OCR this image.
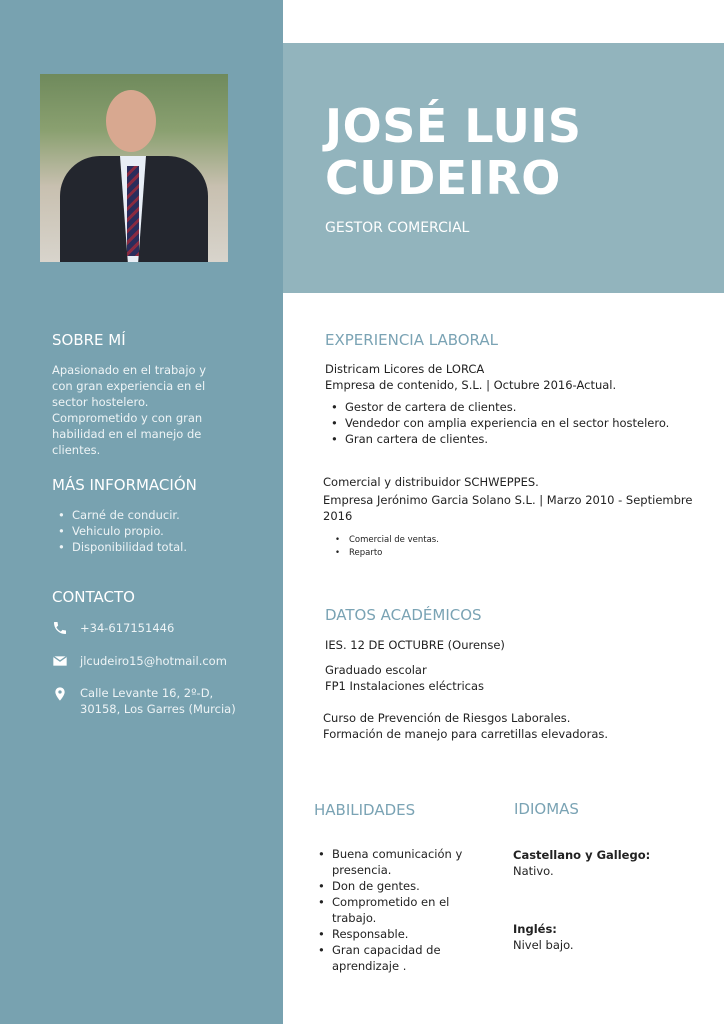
JOSÉ LUIS
CUDEIRO
GESTOR COMERCIAL
SOBRE MÍ
Apasionado en el trabajo y con gran experiencia en el sector hostelero. Comprometido y con gran habilidad en el manejo de clientes.
MÁS INFORMACIÓN
• Carné de conducir.
• Vehiculo propio.
• Disponibilidad total.
CONTACTO
+34-617151446
jlcudeiro15@hotmail.com
Calle Levante 16, 2º-D,
30158, Los Garres (Murcia)
EXPERIENCIA LABORAL
Districam Licores de LORCA
Empresa de contenido, S.L. | Octubre 2016-Actual.
• Gestor de cartera de clientes.
• Vendedor con amplia experiencia en el sector hostelero.
• Gran cartera de clientes.
Comercial y distribuidor SCHWEPPES.
Empresa Jerónimo Garcia Solano S.L. | Marzo 2010 - Septiembre 2016
• Comercial de ventas.
• Reparto
DATOS ACADÉMICOS
IES. 12 DE OCTUBRE (Ourense)
Graduado escolar
FP1 Instalaciones eléctricas
Curso de Prevención de Riesgos Laborales.
Formación de manejo para carretillas elevadoras.
HABILIDADES
• Buena comunicación y presencia.
• Don de gentes.
• Comprometido en el trabajo.
• Responsable.
• Gran capacidad de aprendizaje .
IDIOMAS
Castellano y Gallego:
Nativo.
Inglés:
Nivel bajo.
